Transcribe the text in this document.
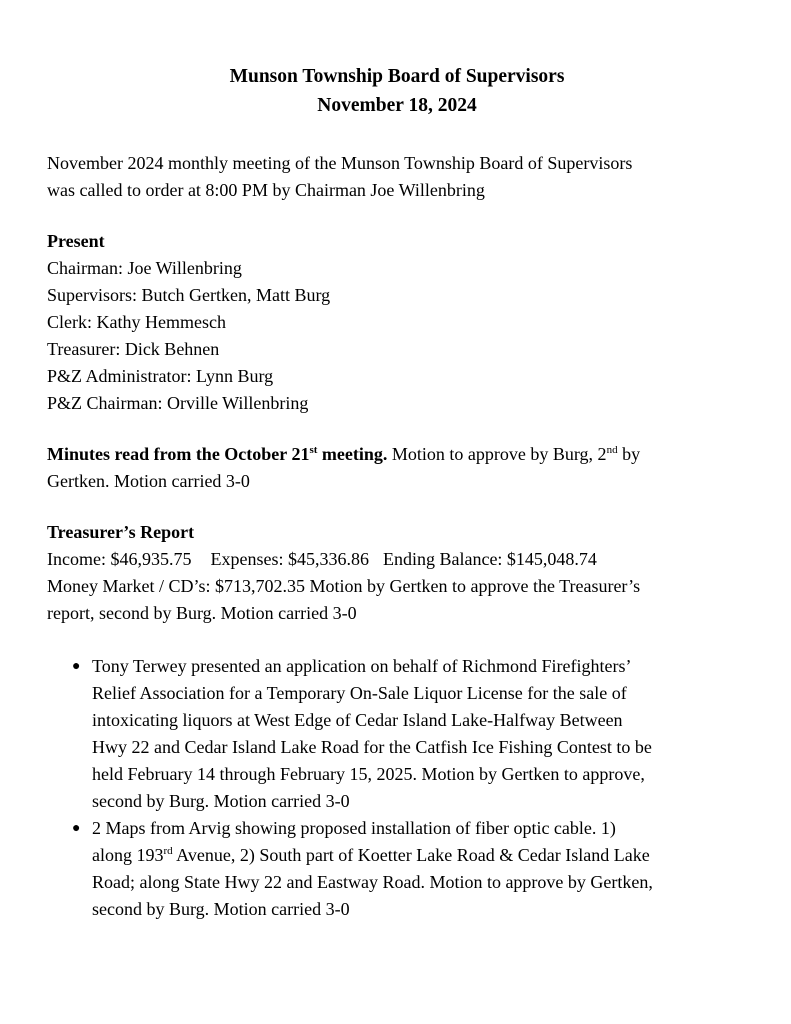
Munson Township Board of Supervisors

November 18, 2024

November 2024 monthly meeting of the Munson Township Board of Supervisors

was called to order at 8:00 PM by Chairman Joe Willenbring

Present

Chairman: Joe Willenbring

Supervisors: Butch Gertken, Matt Burg

Clerk: Kathy Hemmesch

Treasurer: Dick Behnen

P&Z Administrator: Lynn Burg

P&Z Chairman: Orville Willenbring

Minutes read from the October 21st meeting. Motion to approve by Burg, 2nd by

Gertken. Motion carried 3-0

Treasurer’s Report

Income: $46,935.75 Expenses: $45,336.86 Ending Balance: $145,048.74

Money Market / CD’s: $713,702.35 Motion by Gertken to approve the Treasurer’s

report, second by Burg. Motion carried 3-0

● Tony Terwey presented an application on behalf of Richmond Firefighters’

Relief Association for a Temporary On-Sale Liquor License for the sale of

intoxicating liquors at West Edge of Cedar Island Lake-Halfway Between

Hwy 22 and Cedar Island Lake Road for the Catfish Ice Fishing Contest to be

held February 14 through February 15, 2025. Motion by Gertken to approve,

second by Burg. Motion carried 3-0

● 2 Maps from Arvig showing proposed installation of fiber optic cable. 1)

along 193rd Avenue, 2) South part of Koetter Lake Road & Cedar Island Lake

Road; along State Hwy 22 and Eastway Road. Motion to approve by Gertken,

second by Burg. Motion carried 3-0
